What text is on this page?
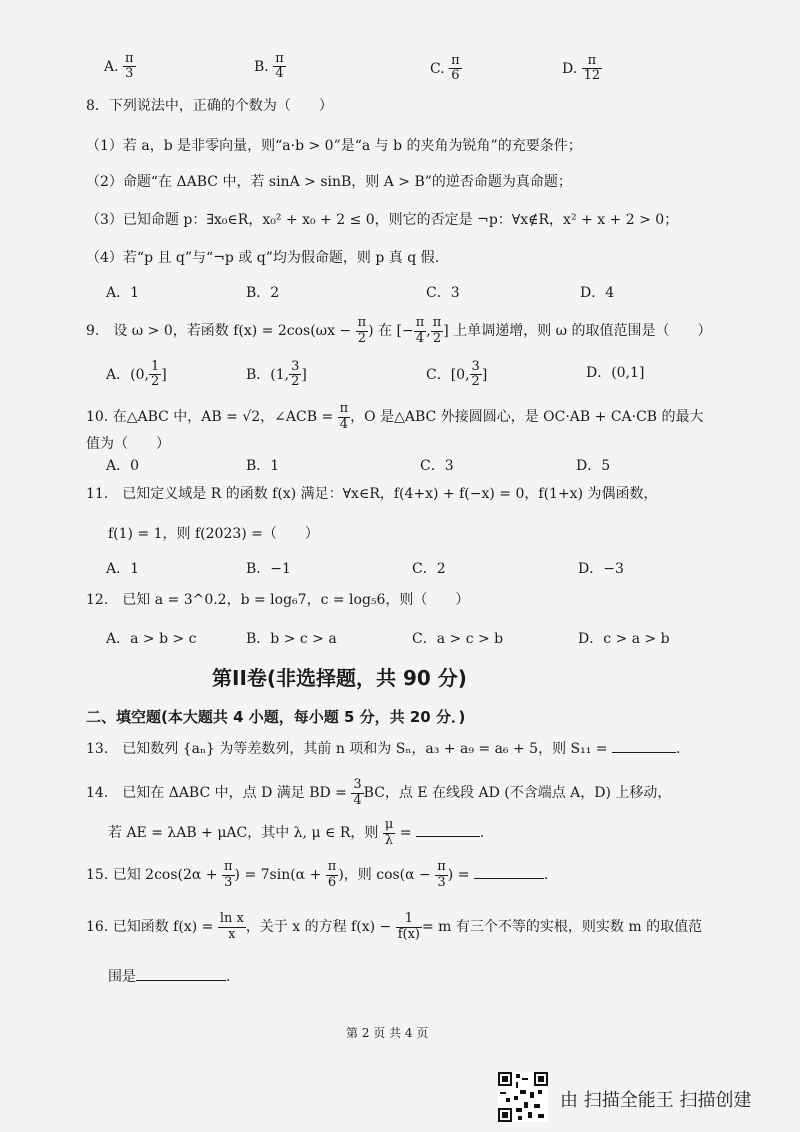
A. $\frac{\pi}{3}$	B. $\frac{\pi}{4}$	C. $\frac{\pi}{6}$	D. $\frac{\pi}{12}$
8．下列说法中，正确的个数为（　　）
（1）若 a，b 是非零向量，则“a·b > 0”是“a 与 b 的夹角为锐角”的充要条件；
（2）命题“在 ΔABC 中，若 sinA > sinB，则 A > B”的逆否命题为真命题；
（3）已知命题 p：∃x₀∈R，x₀² + x₀ + 2 ≤ 0，则它的否定是 ¬p：∀x∉R，x² + x + 2 > 0；
（4）若“p 且 q”与“¬p 或 q”均为假命题，则 p 真 q 假.
A．1	B．2	C．3	D．4
9.　设 ω > 0，若函数 $f(x) = 2\cos(\omega x - \frac{\pi}{2}$ ) 在 [− $\frac{\pi}{4}$ , $\frac{\pi}{2}$ ] 上单调递增，则 ω 的取值范围是（　　）
A．(0, $\frac{1}{2}$ ]	B．(1, $\frac{3}{2}$ ]	C．[0, $\frac{3}{2}$ ]	D．(0,1]
10. 在△ABC 中，AB = √2，∠ACB = $\frac{\pi}{4}$ ，O 是△ABC 外接圆圆心，是 OC·AB + CA·CB 的最大
值为（　　）
A．0	B．1	C．3	D．5
11.　已知定义域是 R 的函数 f(x) 满足：∀x∈R，f(4+x) + f(−x) = 0，f(1+x) 为偶函数，
f(1) = 1，则 f(2023) =（　　）
A．1	B．−1	C．2	D．−3
12.　已知 a = 3^0.2，b = log₆7，c = log₅6，则（　　）
A．a > b > c	B．b > c > a	C．a > c > b	D．c > a > b
第II卷(非选择题，共 90 分)
二、填空题(本大题共 4 小题，每小题 5 分，共 20 分．)
13.　已知数列 {aₙ} 为等差数列，其前 n 项和为 Sₙ，a₃ + a₉ = a₆ + 5，则 S₁₁ =	.
14.　已知在 ΔABC 中，点 D 满足 BD = $\frac{3}{4}$ BC，点 E 在线段 AD (不含端点 A，D) 上移动，
若 AE = λAB + μAC，其中 λ, μ ∈ R，则 $\frac{\mu}{\lambda}$ =	.
15. 已知 $2\cos(2\alpha + \frac{\pi}{3}$ ) = $7\sin(\alpha + \frac{\pi}{6}$ )，则 $\cos(\alpha - \frac{\pi}{3}$ ) =	.
16. 已知函数 $f(x) = \frac{\text{ln x}}{x}$ ，关于 x 的方程 $f(x) - \frac{1}{f(x)} = m$ 有三个不等的实根，则实数 m 的取值范
围是	.
第 2 页 共 4 页
由 扫描全能王 扫描创建
